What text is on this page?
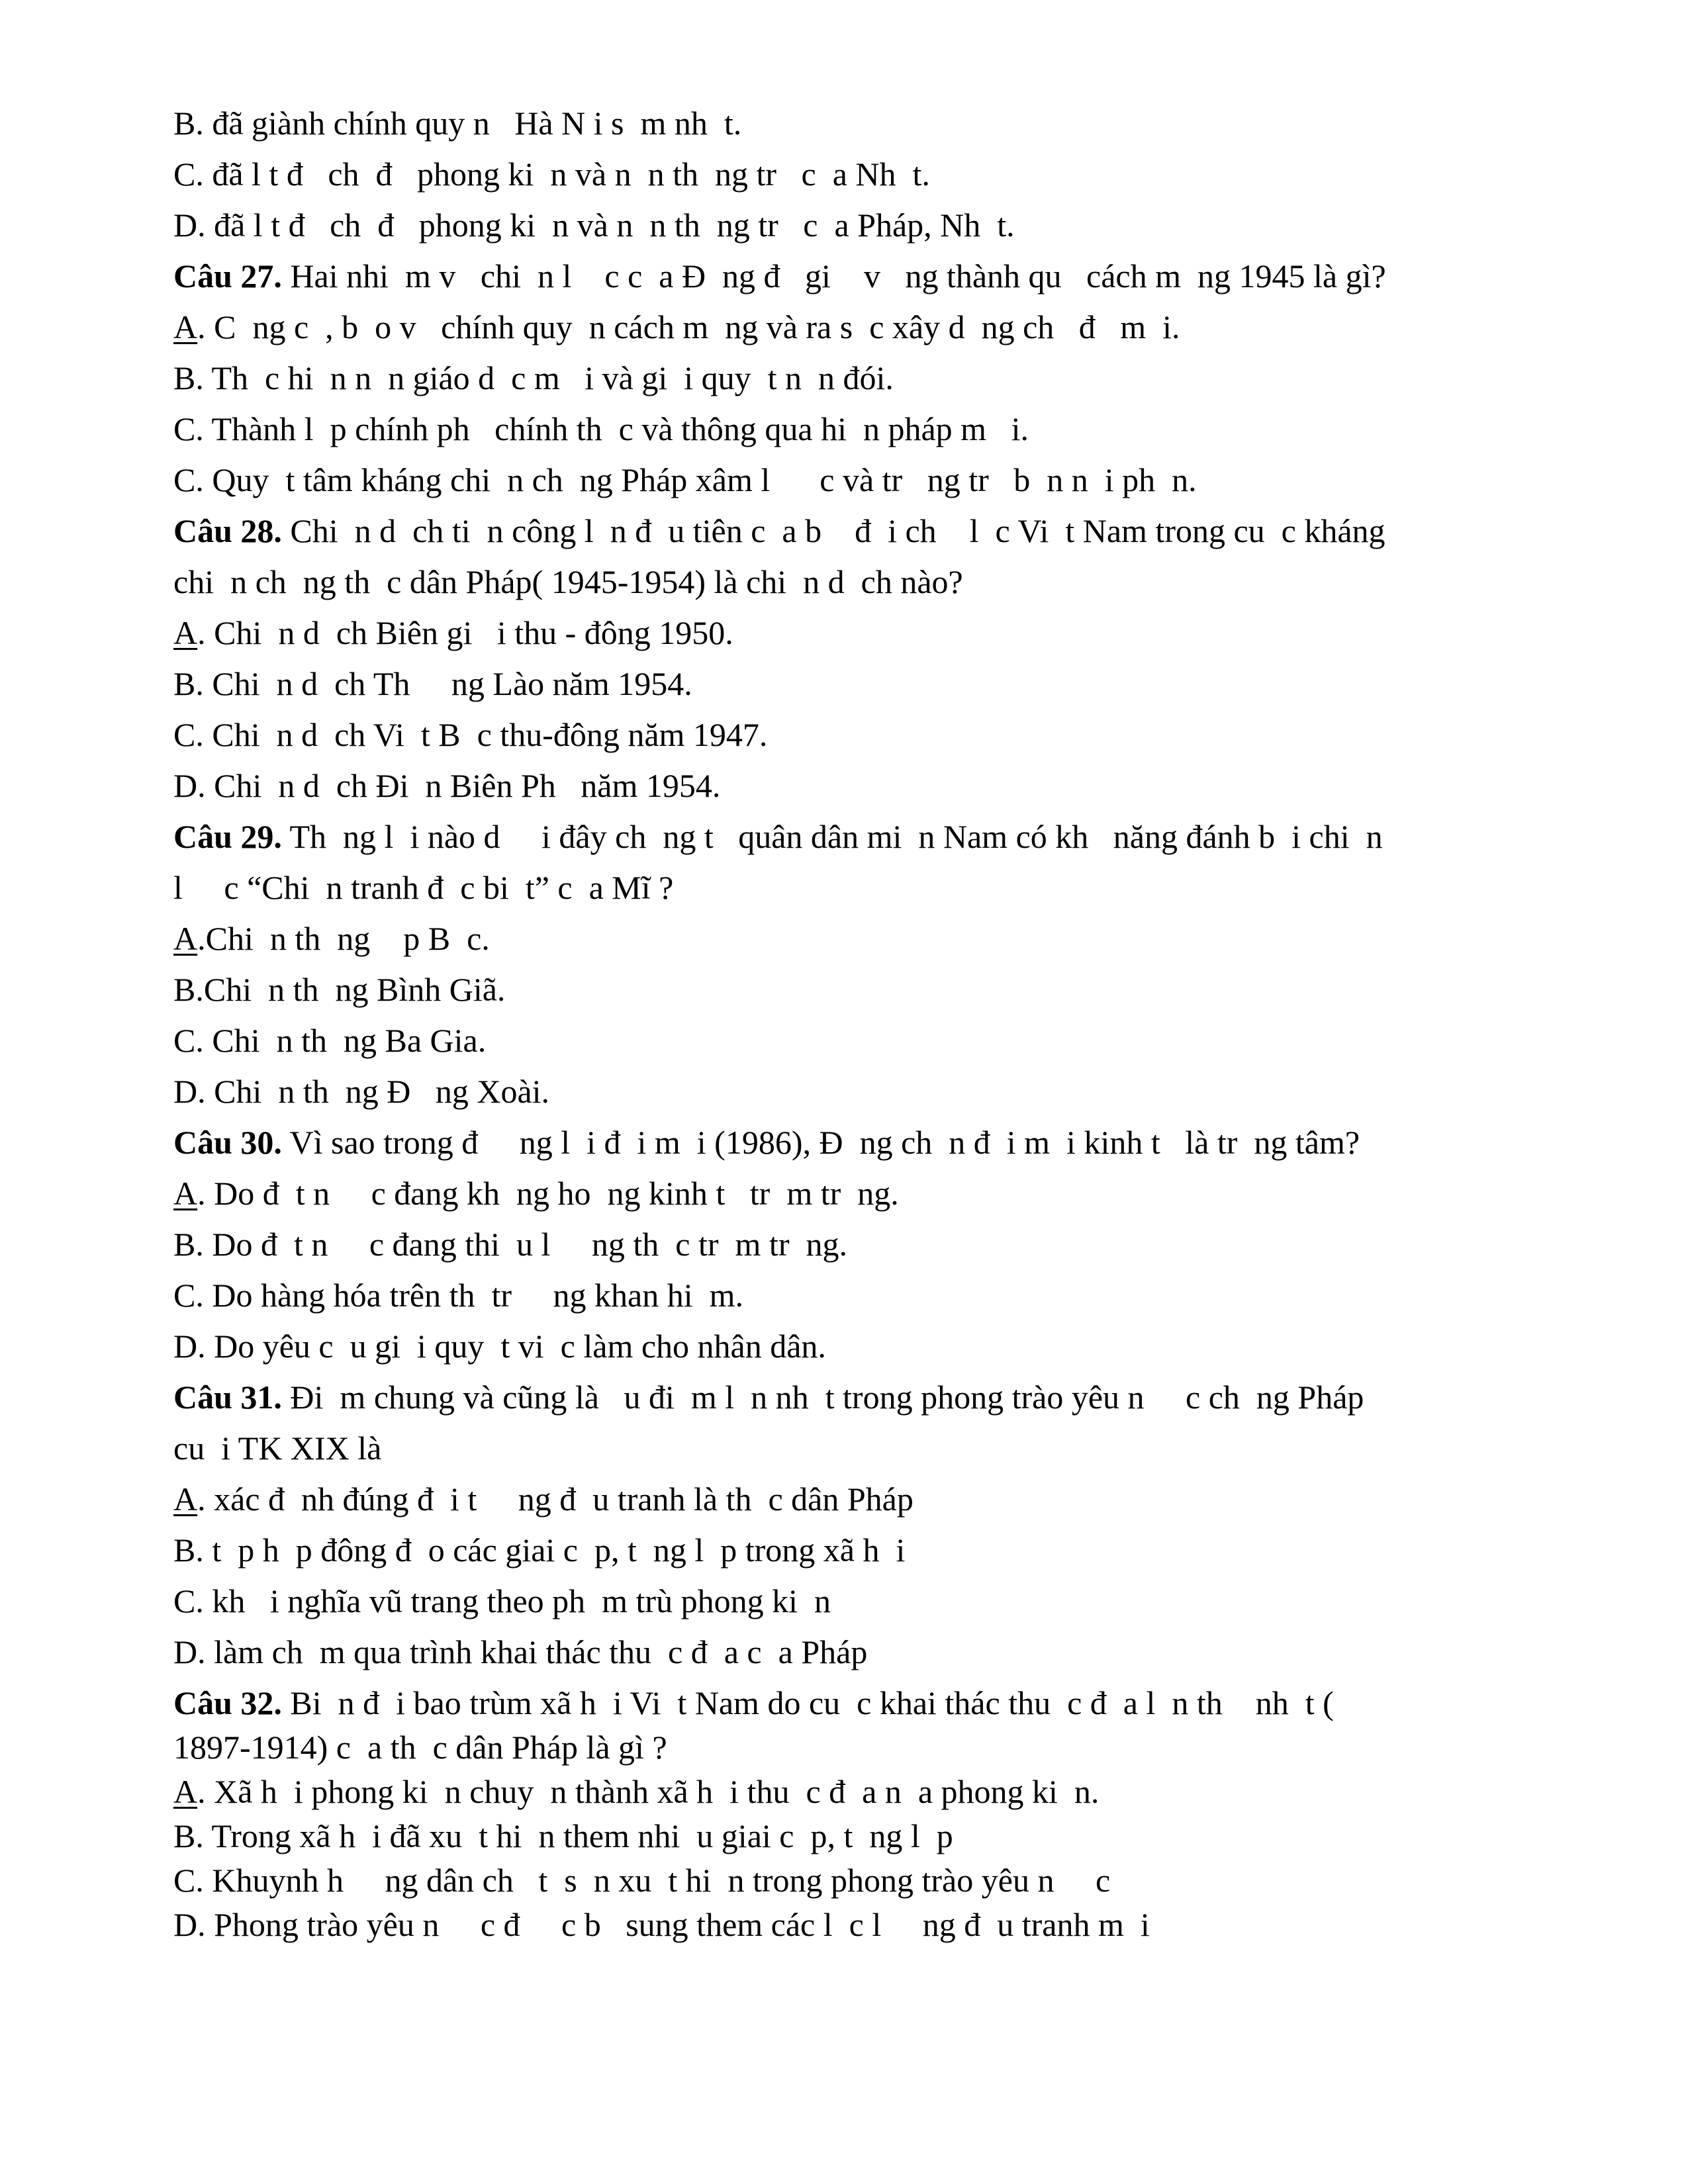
B. đã giành chính quy n   Hà N i s  m nh  t.
C. đã l t đ   ch  đ   phong ki  n và n  n th  ng tr   c  a Nh  t.
D. đã l t đ   ch  đ   phong ki  n và n  n th  ng tr   c  a Pháp, Nh  t.
Câu 27. Hai nhi  m v   chi  n l    c c  a Đ  ng đ   gi    v   ng thành qu   cách m  ng 1945 là gì?
A. C  ng c  , b  o v   chính quy  n cách m  ng và ra s  c xây d  ng ch   đ   m  i.
B. Th  c hi  n n  n giáo d  c m   i và gi  i quy  t n  n đói.
C. Thành l  p chính ph   chính th  c và thông qua hi  n pháp m   i.
C. Quy  t tâm kháng chi  n ch  ng Pháp xâm l      c và tr   ng tr   b  n n  i ph  n.
Câu 28. Chi  n d  ch ti  n công l  n đ  u tiên c  a b    đ  i ch    l  c Vi  t Nam trong cu  c kháng
chi  n ch  ng th  c dân Pháp( 1945-1954) là chi  n d  ch nào?
A. Chi  n d  ch Biên gi   i thu - đông 1950.
B. Chi  n d  ch Th     ng Lào năm 1954.
C. Chi  n d  ch Vi  t B  c thu-đông năm 1947.
D. Chi  n d  ch Đi  n Biên Ph   năm 1954.
Câu 29. Th  ng l  i nào d     i đây ch  ng t   quân dân mi  n Nam có kh   năng đánh b  i chi  n
l     c “Chi  n tranh đ  c bi  t” c  a Mĩ ?
A.Chi  n th  ng    p B  c.
B.Chi  n th  ng Bình Giã.
C. Chi  n th  ng Ba Gia.
D. Chi  n th  ng Đ   ng Xoài.
Câu 30. Vì sao trong đ     ng l  i đ  i m  i (1986), Đ  ng ch  n đ  i m  i kinh t   là tr  ng tâm?
A. Do đ  t n     c đang kh  ng ho  ng kinh t   tr  m tr  ng.
B. Do đ  t n     c đang thi  u l     ng th  c tr  m tr  ng.
C. Do hàng hóa trên th  tr     ng khan hi  m.
D. Do yêu c  u gi  i quy  t vi  c làm cho nhân dân.
Câu 31. Đi  m chung và cũng là   u đi  m l  n nh  t trong phong trào yêu n     c ch  ng Pháp
cu  i TK XIX là
A. xác đ  nh đúng đ  i t     ng đ  u tranh là th  c dân Pháp
B. t  p h  p đông đ  o các giai c  p, t  ng l  p trong xã h  i
C. kh   i nghĩa vũ trang theo ph  m trù phong ki  n
D. làm ch  m qua trình khai thác thu  c đ  a c  a Pháp
Câu 32. Bi  n đ  i bao trùm xã h  i Vi  t Nam do cu  c khai thác thu  c đ  a l  n th    nh  t (
1897-1914) c  a th  c dân Pháp là gì ?
A. Xã h  i phong ki  n chuy  n thành xã h  i thu  c đ  a n  a phong ki  n.
B. Trong xã h  i đã xu  t hi  n them nhi  u giai c  p, t  ng l  p
C. Khuynh h     ng dân ch   t  s  n xu  t hi  n trong phong trào yêu n     c
D. Phong trào yêu n     c đ     c b   sung them các l  c l     ng đ  u tranh m  i
